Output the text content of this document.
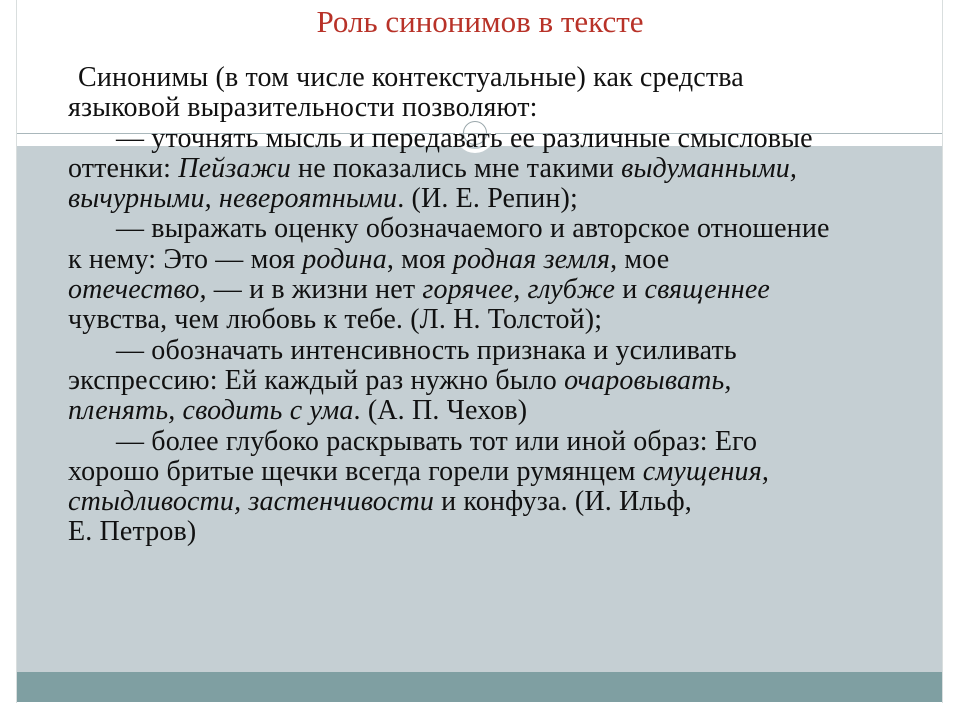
Роль синонимов в тексте
Синонимы (в том числе контекстуальные) как средства
языковой выразительности позволяют:
— уточнять мысль и передавать ее различные смысловые
оттенки: Пейзажи не показались мне такими выдуманными,
вычурными, невероятными. (И. Е. Репин);
— выражать оценку обозначаемого и авторское отношение
к нему: Это — моя родина, моя родная земля, мое
отечество, — и в жизни нет горячее, глубже и священнее
чувства, чем любовь к тебе. (Л. Н. Толстой);
— обозначать интенсивность признака и усиливать
экспрессию: Ей каждый раз нужно было очаровывать,
пленять, сводить с ума. (А. П. Чехов)
— более глубоко раскрывать тот или иной образ: Его
хорошо бритые щечки всегда горели румянцем смущения,
стыдливости, застенчивости и конфуза. (И. Ильф,
Е. Петров)
